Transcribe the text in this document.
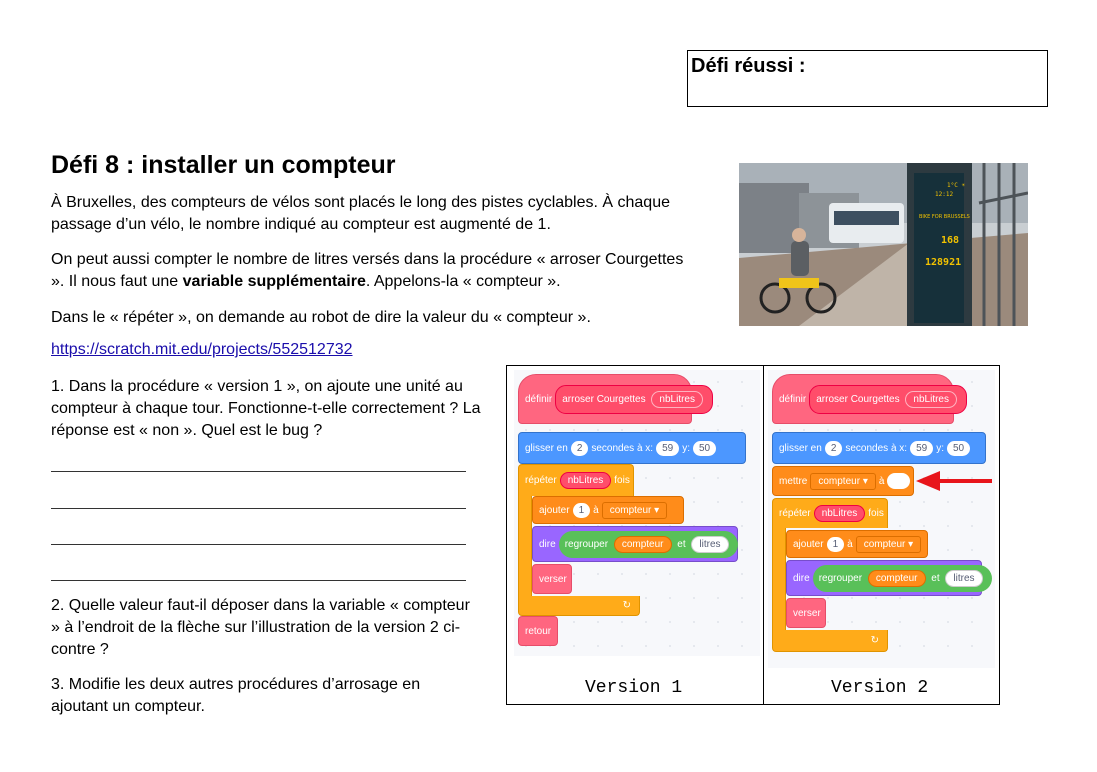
Défi réussi :
Défi 8 : installer un compteur
À Bruxelles, des compteurs de vélos sont placés le long des pistes cyclables. À chaque passage d’un vélo, le nombre indiqué au compteur est augmenté de 1.
On peut aussi compter le nombre de litres versés dans la procédure « arroser Courgettes ». Il nous faut une variable supplémentaire. Appelons-la « compteur ».
Dans le « répéter », on demande au robot de dire la valeur du « compteur ».
https://scratch.mit.edu/projects/552512732
1. Dans la procédure « version 1 », on ajoute une unité au compteur à chaque tour. Fonctionne-t-elle correctement ? La réponse est « non ». Quel est le bug ?
2. Quelle valeur faut-il déposer dans la variable « compteur » à l’endroit de la flèche sur l’illustration de la version 2 ci-contre ?
3. Modifie les deux autres procédures d’arrosage en ajoutant un compteur.
1°C ☀
12:12
BIKE FOR BRUSSELS
168
128921
définir	arroser Courgettes nbLitres
glisser en 2 secondes à x: 59 y: 50
répéter	nbLitres	fois
ajouter 1 à	compteur ▾
dire regrouper compteur et litres
verser
↻
retour
définir	arroser Courgettes nbLitres
glisser en 2 secondes à x: 59 y: 50
mettre	compteur ▾	à
répéter	nbLitres	fois
ajouter 1 à	compteur ▾
dire regrouper compteur et litres
verser
↻
Version 1	Version 2
